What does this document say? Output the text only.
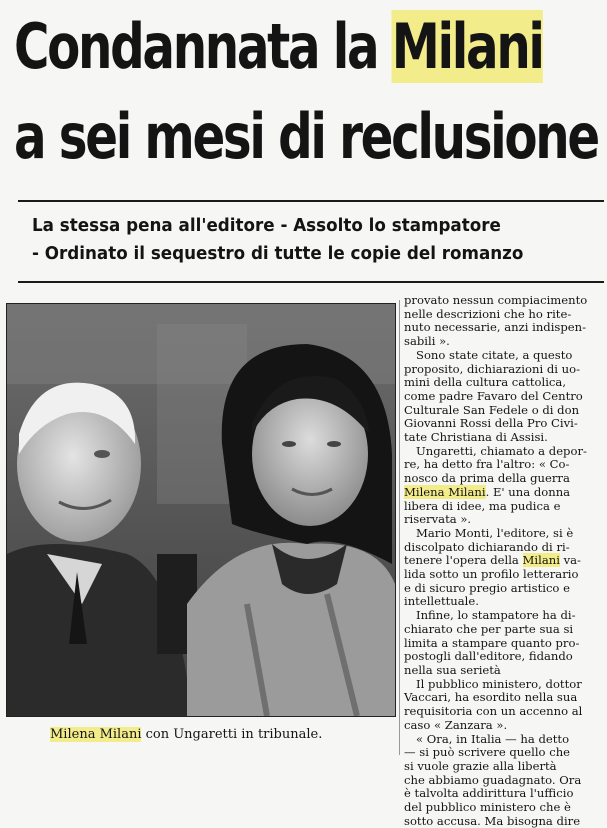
Condannata la Milani
a sei mesi di reclusione
La stessa pena all'editore - Assolto lo stampatore
- Ordinato il sequestro di tutte le copie del romanzo
Milena Milani con Ungaretti in tribunale.
provato nessun compiacimento
nelle descrizioni che ho rite-
nuto necessarie, anzi indispen-
sabili ».
Sono state citate, a questo
proposito, dichiarazioni di uo-
mini della cultura cattolica,
come padre Favaro del Centro
Culturale San Fedele o di don
Giovanni Rossi della Pro Civi-
tate Christiana di Assisi.
Ungaretti, chiamato a depor-
re, ha detto fra l'altro: « Co-
nosco da prima della guerra
Milena Milani. E' una donna
libera di idee, ma pudica e
riservata ».
Mario Monti, l'editore, si è
discolpato dichiarando di ri-
tenere l'opera della Milani va-
lida sotto un profilo letterario
e di sicuro pregio artistico e
intellettuale.
Infine, lo stampatore ha di-
chiarato che per parte sua si
limita a stampare quanto pro-
postogli dall'editore, fidando
nella sua serietà
Il pubblico ministero, dottor
Vaccari, ha esordito nella sua
requisitoria con un accenno al
caso « Zanzara ».
« Ora, in Italia — ha detto
— si può scrivere quello che
si vuole grazie alla libertà
che abbiamo guadagnato. Ora
è talvolta addirittura l'ufficio
del pubblico ministero che è
sotto accusa. Ma bisogna dire
